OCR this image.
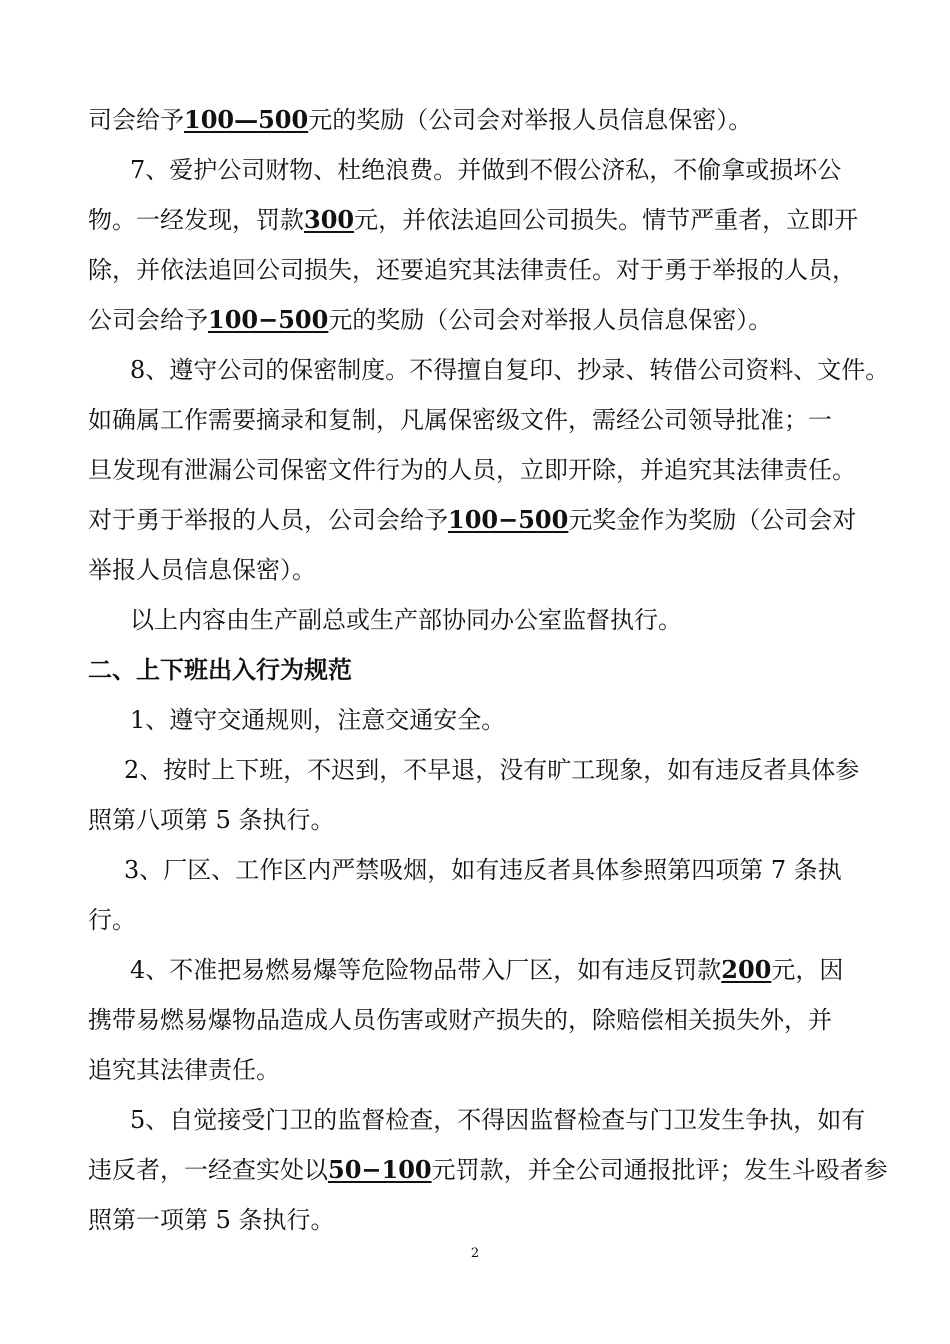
司会给予100—500元的奖励（公司会对举报人员信息保密）。
7、爱护公司财物、杜绝浪费。并做到不假公济私，不偷拿或损坏公
物。一经发现，罚款300元，并依法追回公司损失。情节严重者，立即开
除，并依法追回公司损失，还要追究其法律责任。对于勇于举报的人员，
公司会给予100−500元的奖励（公司会对举报人员信息保密）。
8、遵守公司的保密制度。不得擅自复印、抄录、转借公司资料、文件。
如确属工作需要摘录和复制，凡属保密级文件，需经公司领导批准；一
旦发现有泄漏公司保密文件行为的人员，立即开除，并追究其法律责任。
对于勇于举报的人员，公司会给予100−500元奖金作为奖励（公司会对
举报人员信息保密）。
以上内容由生产副总或生产部协同办公室监督执行。
二、上下班出入行为规范
1、遵守交通规则，注意交通安全。
2、按时上下班，不迟到，不早退，没有旷工现象，如有违反者具体参
照第八项第 5 条执行。
3、厂区、工作区内严禁吸烟，如有违反者具体参照第四项第 7 条执
行。
4、不准把易燃易爆等危险物品带入厂区，如有违反罚款200元，因
携带易燃易爆物品造成人员伤害或财产损失的，除赔偿相关损失外，并
追究其法律责任。
5、自觉接受门卫的监督检查，不得因监督检查与门卫发生争执，如有
违反者，一经查实处以50−100元罚款，并全公司通报批评；发生斗殴者参
照第一项第 5 条执行。
2
